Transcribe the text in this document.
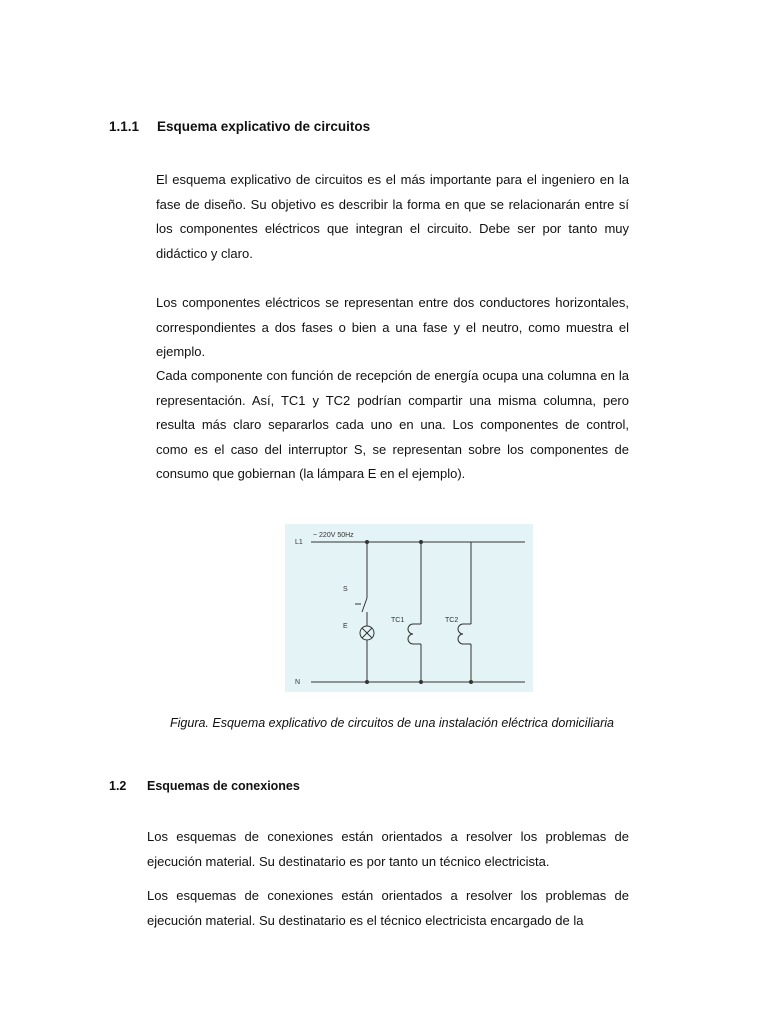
1.1.1 Esquema explicativo de circuitos

El esquema explicativo de circuitos es el más importante para el ingeniero en la fase de diseño. Su objetivo es describir la forma en que se relacionarán entre sí los componentes eléctricos que integran el circuito. Debe ser por tanto muy didáctico y claro.

Los componentes eléctricos se representan entre dos conductores horizontales, correspondientes a dos fases o bien a una fase y el neutro, como muestra el ejemplo.

Cada componente con función de recepción de energía ocupa una columna en la representación. Así, TC1 y TC2 podrían compartir una misma columna, pero resulta más claro separarlos cada uno en una. Los componentes de control, como es el caso del interruptor S, se representan sobre los componentes de consumo que gobiernan (la lámpara E en el ejemplo).

L1
~ 220V 50Hz
S
E
TC1	TC2
N
Figura. Esquema explicativo de circuitos de una instalación eléctrica domiciliaria
1.2 Esquemas de conexiones

Los esquemas de conexiones están orientados a resolver los problemas de ejecución material. Su destinatario es por tanto un técnico electricista.

Los esquemas de conexiones están orientados a resolver los problemas de ejecución material. Su destinatario es el técnico electricista encargado de la
